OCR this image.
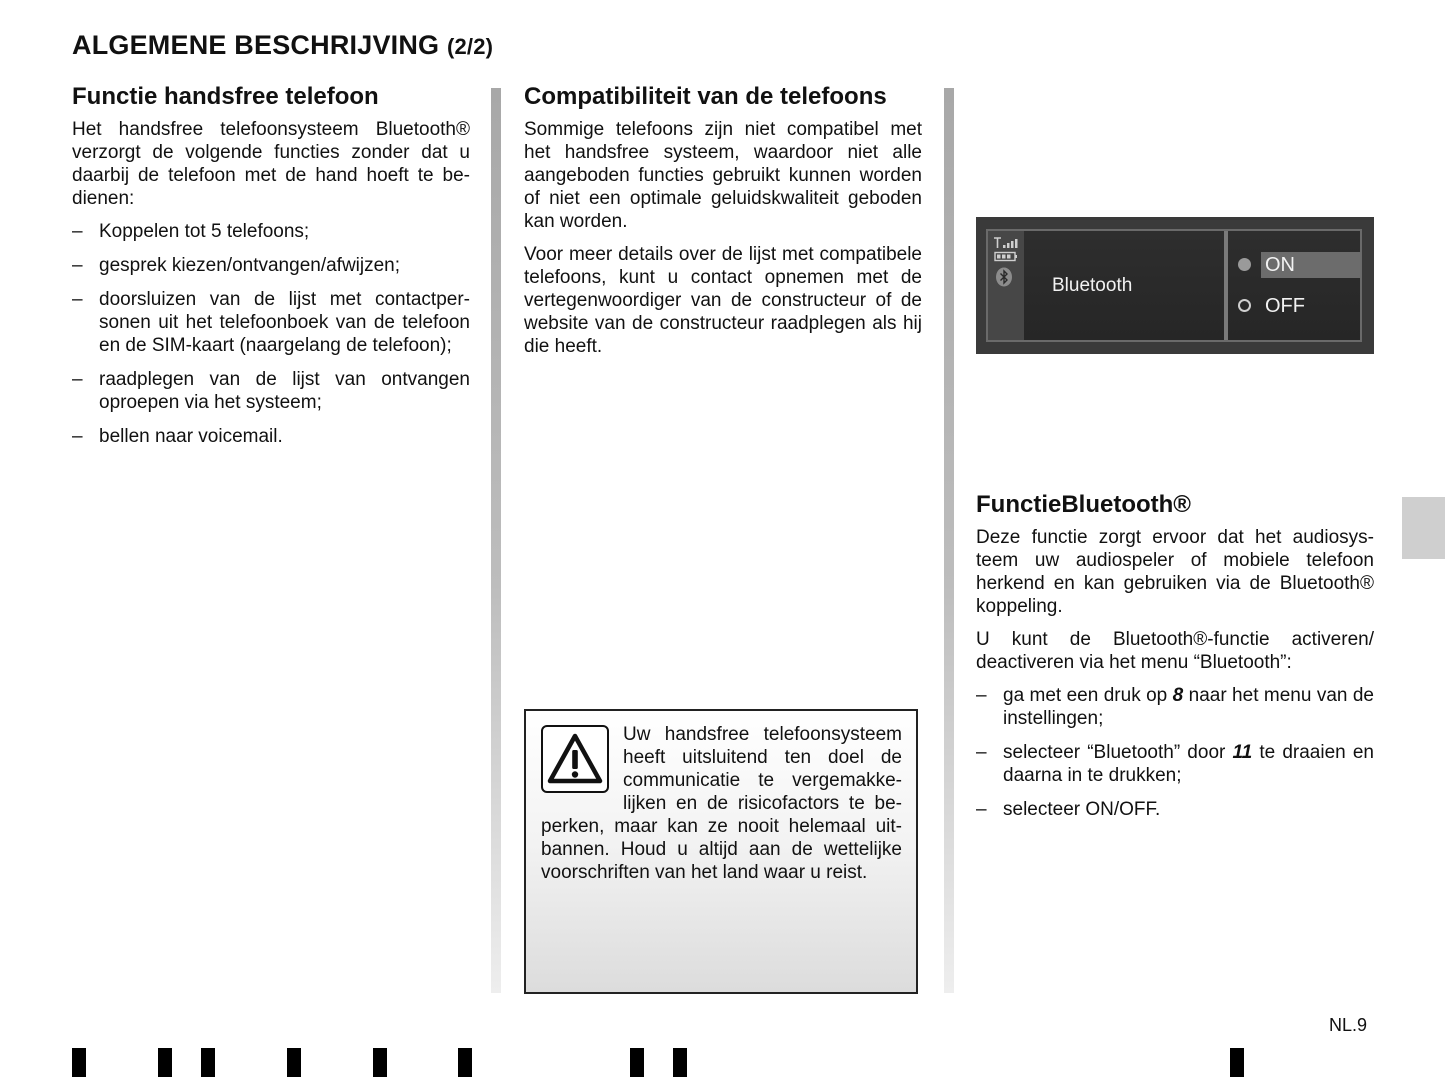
ALGEMENE BESCHRIJVING (2/2)
Functie handsfree telefoon

Het handsfree telefoonsysteem Bluetooth® verzorgt de volgende functies zonder dat u daarbij de telefoon met de hand hoeft te bedienen:

– Koppelen tot 5 telefoons;
– gesprek kiezen/ontvangen/afwijzen;
– doorsluizen van de lijst met contactpersonen uit het telefoonboek van de telefoon en de SIM-kaart (naargelang de telefoon);
– raadplegen van de lijst van ontvangen oproepen via het systeem;
– bellen naar voicemail.
Compatibiliteit van de telefoons

Sommige telefoons zijn niet compatibel met het handsfree systeem, waardoor niet alle aangeboden functies gebruikt kunnen worden of niet een optimale geluidskwaliteit geboden kan worden.

Voor meer details over de lijst met compatibele telefoons, kunt u contact opnemen met de vertegenwoordiger van de constructeur of de website van de constructeur raadplegen als hij die heeft.

Uw handsfree telefoonsysteem heeft uitsluitend ten doel de communicatie te vergemakkelijken en de risicofactors te beperken, maar kan ze nooit helemaal uitbannen. Houd u altijd aan de wettelijke voorschriften van het land waar u reist.

Bluetooth
ON
OFF
FunctieBluetooth®

Deze functie zorgt ervoor dat het audiosysteem uw audiospeler of mobiele telefoon herkend en kan gebruiken via de Bluetooth® koppeling.

U kunt de Bluetooth®-functie activeren/ deactiveren via het menu “Bluetooth”:

– ga met een druk op 8 naar het menu van de instellingen;
– selecteer “Bluetooth” door 11 te draaien en daarna in te drukken;
– selecteer ON/OFF.
NL.9
